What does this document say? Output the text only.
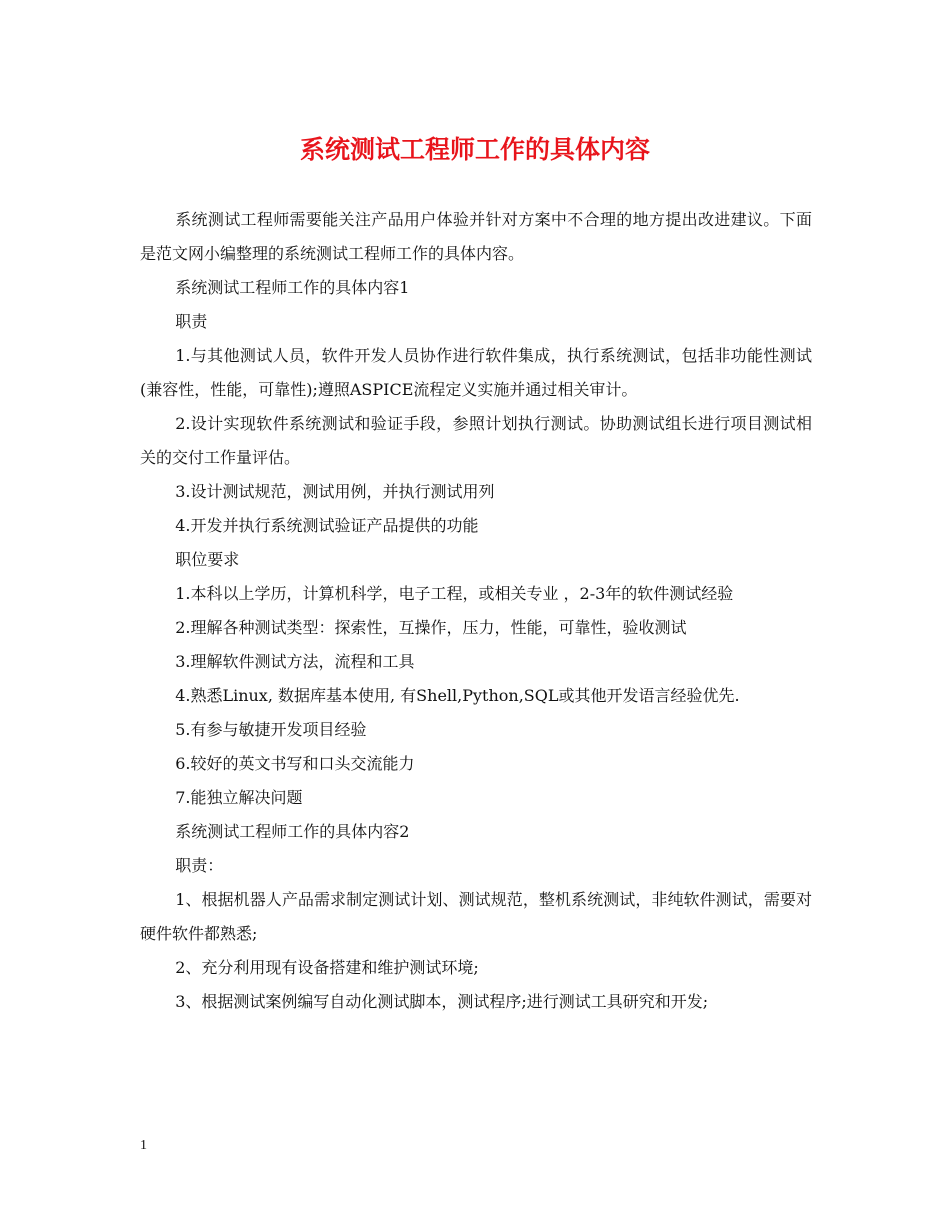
系统测试工程师工作的具体内容

系统测试工程师需要能关注产品用户体验并针对方案中不合理的地方提出改进建议。下面是范文网小编整理的系统测试工程师工作的具体内容。

系统测试工程师工作的具体内容1

职责

1.与其他测试人员，软件开发人员协作进行软件集成，执行系统测试，包括非功能性测试(兼容性，性能，可靠性);遵照ASPICE流程定义实施并通过相关审计。

2.设计实现软件系统测试和验证手段，参照计划执行测试。协助测试组长进行项目测试相关的交付工作量评估。

3.设计测试规范，测试用例，并执行测试用列

4.开发并执行系统测试验证产品提供的功能

职位要求

1.本科以上学历，计算机科学，电子工程，或相关专业 ，2-3年的软件测试经验

2.理解各种测试类型：探索性，互操作，压力，性能，可靠性，验收测试

3.理解软件测试方法，流程和工具

4.熟悉Linux, 数据库基本使用, 有Shell,Python,SQL或其他开发语言经验优先.

5.有参与敏捷开发项目经验

6.较好的英文书写和口头交流能力

7.能独立解决问题

系统测试工程师工作的具体内容2

职责：

1、根据机器人产品需求制定测试计划、测试规范，整机系统测试，非纯软件测试，需要对硬件软件都熟悉;

2、充分利用现有设备搭建和维护测试环境;

3、根据测试案例编写自动化测试脚本，测试程序;进行测试工具研究和开发;

1
